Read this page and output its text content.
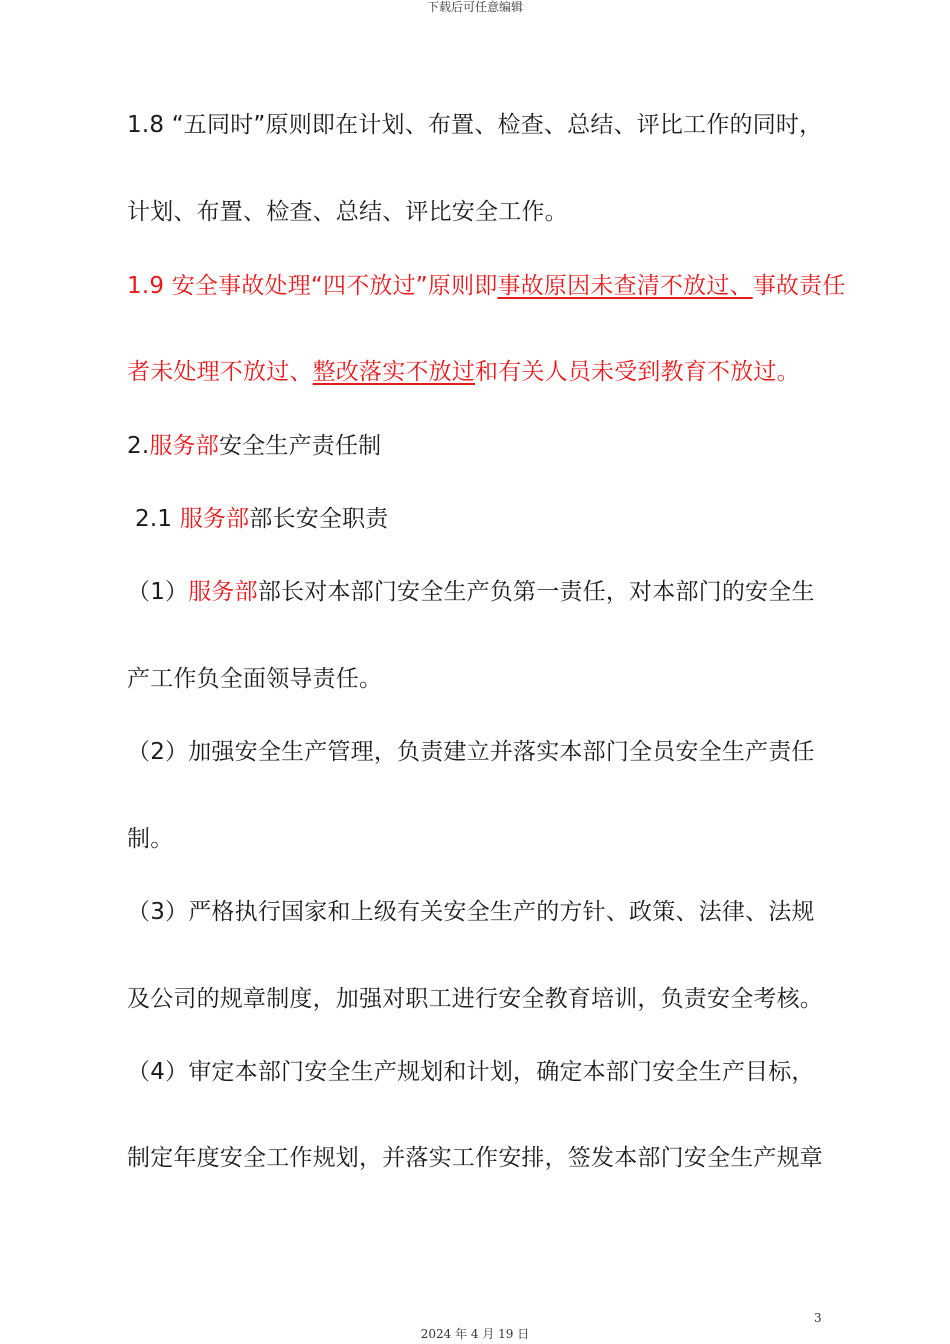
下载后可任意编辑
1.8 “五同时”原则即在计划、布置、检查、总结、评比工作的同时，
计划、布置、检查、总结、评比安全工作。
1.9 安全事故处理“四不放过”原则即事故原因未查清不放过、事故责任
者未处理不放过、整改落实不放过和有关人员未受到教育不放过。
2.服务部安全生产责任制
2.1 服务部部长安全职责
（1）服务部部长对本部门安全生产负第一责任，对本部门的安全生
产工作负全面领导责任。
（2）加强安全生产管理，负责建立并落实本部门全员安全生产责任
制。
（3）严格执行国家和上级有关安全生产的方针、政策、法律、法规
及公司的规章制度，加强对职工进行安全教育培训，负责安全考核。
（4）审定本部门安全生产规划和计划，确定本部门安全生产目标，
制定年度安全工作规划，并落实工作安排，签发本部门安全生产规章
3
2024 年 4 月 19 日
